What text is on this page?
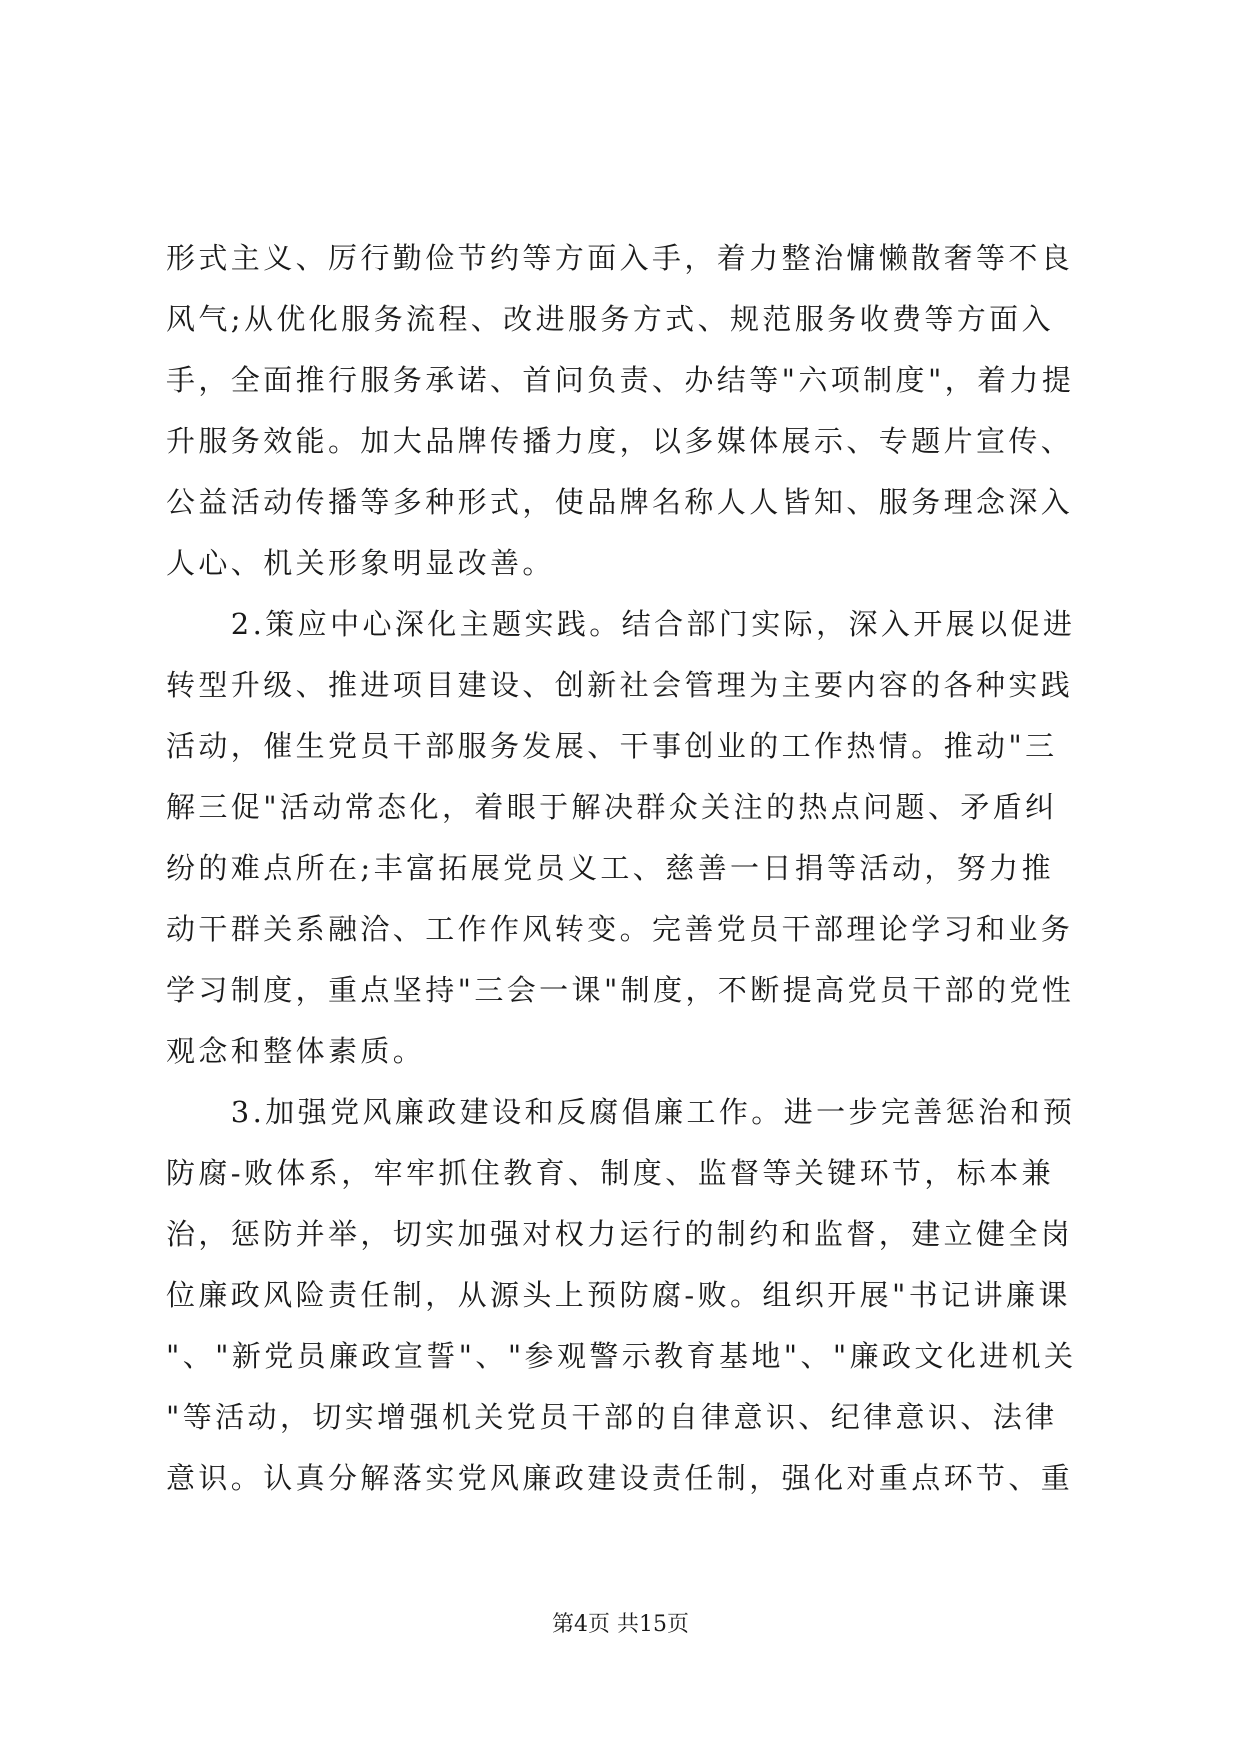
形式主义、厉行勤俭节约等方面入手，着力整治慵懒散奢等不良
风气;从优化服务流程、改进服务方式、规范服务收费等方面入
手，全面推行服务承诺、首问负责、办结等"六项制度"，着力提
升服务效能。加大品牌传播力度，以多媒体展示、专题片宣传、
公益活动传播等多种形式，使品牌名称人人皆知、服务理念深入
人心、机关形象明显改善。
　　2.策应中心深化主题实践。结合部门实际，深入开展以促进
转型升级、推进项目建设、创新社会管理为主要内容的各种实践
活动，催生党员干部服务发展、干事创业的工作热情。推动"三
解三促"活动常态化，着眼于解决群众关注的热点问题、矛盾纠
纷的难点所在;丰富拓展党员义工、慈善一日捐等活动，努力推
动干群关系融洽、工作作风转变。完善党员干部理论学习和业务
学习制度，重点坚持"三会一课"制度，不断提高党员干部的党性
观念和整体素质。
　　3.加强党风廉政建设和反腐倡廉工作。进一步完善惩治和预
防腐-败体系，牢牢抓住教育、制度、监督等关键环节，标本兼
治，惩防并举，切实加强对权力运行的制约和监督，建立健全岗
位廉政风险责任制，从源头上预防腐-败。组织开展"书记讲廉课
"、"新党员廉政宣誓"、"参观警示教育基地"、"廉政文化进机关
"等活动，切实增强机关党员干部的自律意识、纪律意识、法律
意识。认真分解落实党风廉政建设责任制，强化对重点环节、重
第4页 共15页
